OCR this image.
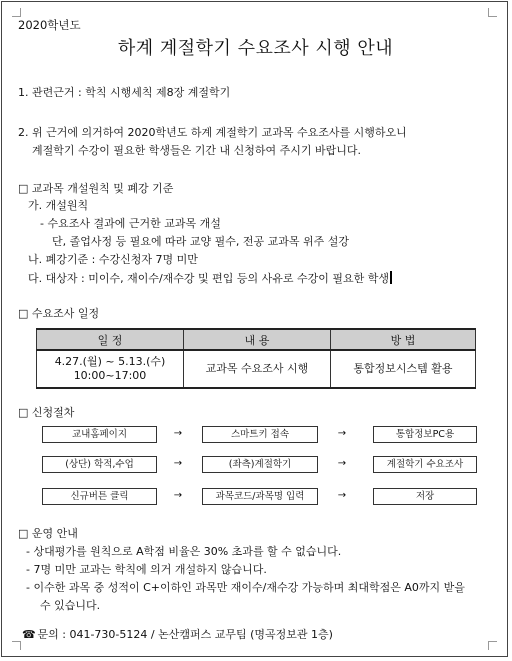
2020학년도
하계 계절학기 수요조사 시행 안내
1. 관련근거 : 학칙 시행세칙 제8장 계절학기
2. 위 근거에 의거하여 2020학년도 하계 계절학기 교과목 수요조사를 시행하오니
계절학기 수강이 필요한 학생들은 기간 내 신청하여 주시기 바랍니다.
□ 교과목 개설원칙 및 폐강 기준
가. 개설원칙
- 수요조사 결과에 근거한 교과목 개설
단, 졸업사정 등 필요에 따라 교양 필수, 전공 교과목 위주 설강
나. 폐강기준 : 수강신청자 7명 미만
다. 대상자 : 미이수, 재이수/재수강 및 편입 등의 사유로 수강이 필요한 학생
□ 수요조사 일정
일 정	내 용	방 법

4.27.(월) ~ 5.13.(수)
10:00~17:00	교과목 수요조사 시행	통합정보시스템 활용
□ 신청절차
교내홈페이지	→	스마트키 접속	→	통합정보PC용
(상단) 학적,수업	→	(좌측)계절학기	→	계절학기 수요조사
신규버튼 클릭	→	과목코드/과목명 입력	→	저장
□ 운영 안내
- 상대평가를 원칙으로 A학점 비율은 30% 초과를 할 수 없습니다.
- 7명 미만 교과는 학칙에 의거 개설하지 않습니다.
- 이수한 과목 중 성적이 C+이하인 과목만 재이수/재수강 가능하며 최대학점은 A0까지 받을
수 있습니다.
☎ 문의 : 041-730-5124 / 논산캠퍼스 교무팀 (명곡정보관 1층)
